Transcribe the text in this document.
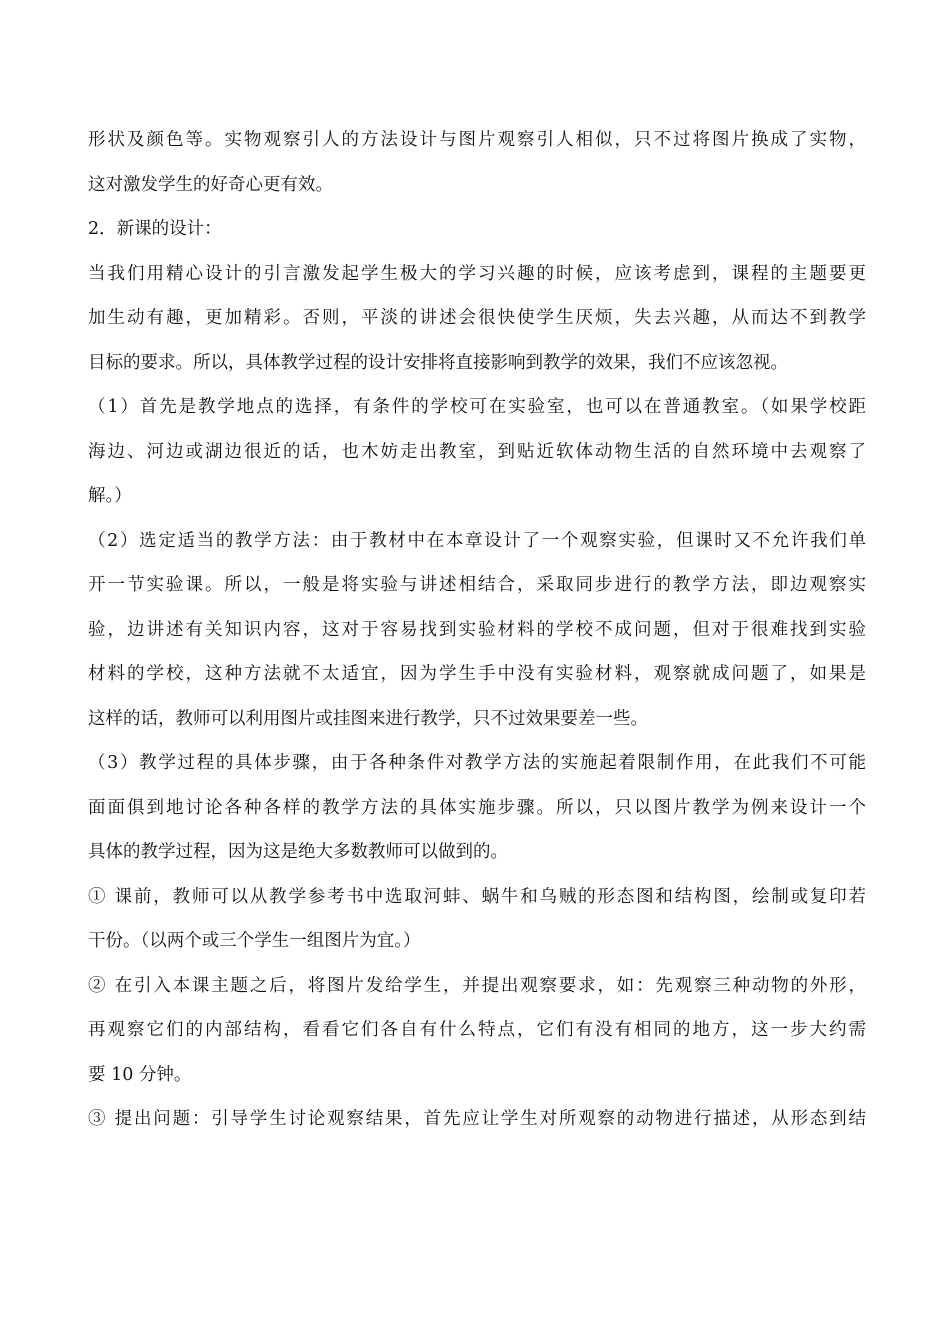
形状及颜色等。实物观察引人的方法设计与图片观察引人相似，只不过将图片换成了实物，
这对激发学生的好奇心更有效。
2．新课的设计：
当我们用精心设计的引言激发起学生极大的学习兴趣的时候，应该考虑到，课程的主题要更
加生动有趣，更加精彩。否则，平淡的讲述会很快使学生厌烦，失去兴趣，从而达不到教学
目标的要求。所以，具体教学过程的设计安排将直接影响到教学的效果，我们不应该忽视。
（1）首先是教学地点的选择，有条件的学校可在实验室，也可以在普通教室。（如果学校距
海边、河边或湖边很近的话，也木妨走出教室，到贴近软体动物生活的自然环境中去观察了
解。）
（2）选定适当的教学方法：由于教材中在本章设计了一个观察实验，但课时又不允许我们单
开一节实验课。所以，一般是将实验与讲述相结合，采取同步进行的教学方法，即边观察实
验，边讲述有关知识内容，这对于容易找到实验材料的学校不成问题，但对于很难找到实验
材料的学校，这种方法就不太适宜，因为学生手中没有实验材料，观察就成问题了，如果是
这样的话，教师可以利用图片或挂图来进行教学，只不过效果要差一些。
（3）教学过程的具体步骤，由于各种条件对教学方法的实施起着限制作用，在此我们不可能
面面俱到地讨论各种各样的教学方法的具体实施步骤。所以，只以图片教学为例来设计一个
具体的教学过程，因为这是绝大多数教师可以做到的。
① 课前，教师可以从教学参考书中选取河蚌、蜗牛和乌贼的形态图和结构图，绘制或复印若
干份。（以两个或三个学生一组图片为宜。）
② 在引入本课主题之后，将图片发给学生，并提出观察要求，如：先观察三种动物的外形，
再观察它们的内部结构，看看它们各自有什么特点，它们有没有相同的地方，这一步大约需
要 10 分钟。
③ 提出问题：引导学生讨论观察结果，首先应让学生对所观察的动物进行描述，从形态到结
